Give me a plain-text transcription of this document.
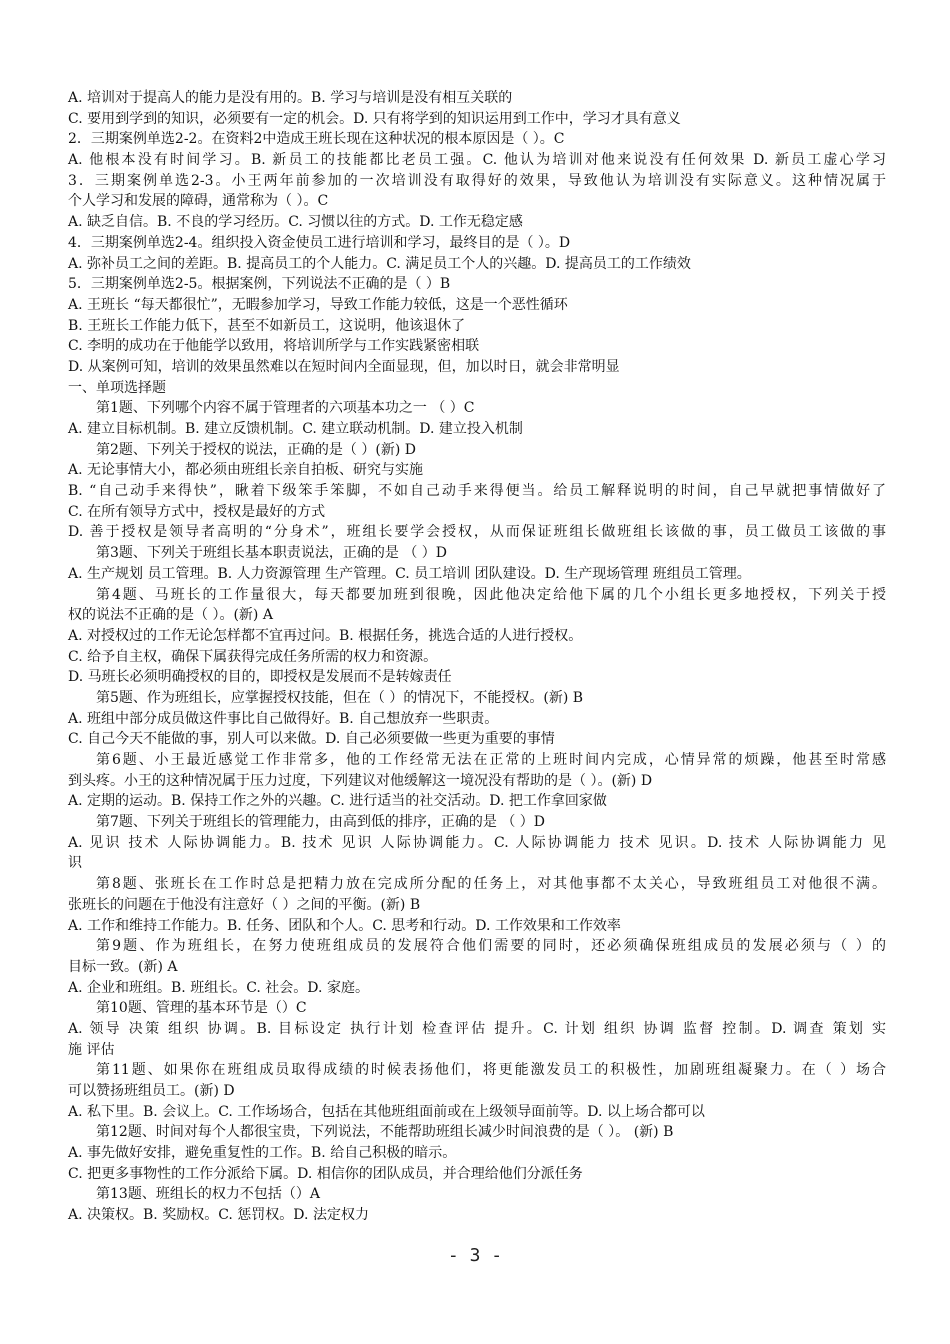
A. 培训对于提高人的能力是没有用的。B. 学习与培训是没有相互关联的
C. 要用到学到的知识，必须要有一定的机会。D. 只有将学到的知识运用到工作中，学习才具有意义
2．三期案例单选2-2。在资料2中造成王班长现在这种状况的根本原因是（ ）。C
A. 他根本没有时间学习。B. 新员工的技能都比老员工强。C. 他认为培训对他来说没有任何效果 D. 新员工虚心学习
3．三期案例单选2-3。小王两年前参加的一次培训没有取得好的效果，导致他认为培训没有实际意义。这种情况属于
个人学习和发展的障碍，通常称为（ ）。C
A. 缺乏自信。B. 不良的学习经历。C. 习惯以往的方式。D. 工作无稳定感
4．三期案例单选2-4。组织投入资金使员工进行培训和学习，最终目的是（ ）。D
A. 弥补员工之间的差距。B. 提高员工的个人能力。C. 满足员工个人的兴趣。D. 提高员工的工作绩效
5．三期案例单选2-5。根据案例，下列说法不正确的是（ ）B
A. 王班长 “每天都很忙”，无暇参加学习，导致工作能力较低，这是一个恶性循环
B. 王班长工作能力低下，甚至不如新员工，这说明，他该退休了
C. 李明的成功在于他能学以致用，将培训所学与工作实践紧密相联
D. 从案例可知，培训的效果虽然难以在短时间内全面显现，但，加以时日，就会非常明显
一、单项选择题
第1题、下列哪个内容不属于管理者的六项基本功之一 （ ）C
A. 建立目标机制。B. 建立反馈机制。C. 建立联动机制。D. 建立投入机制
第2题、下列关于授权的说法，正确的是（ ）(新) D
A. 无论事情大小，都必须由班组长亲自拍板、研究与实施
B. “自己动手来得快”，瞅着下级笨手笨脚，不如自己动手来得便当。给员工解释说明的时间，自己早就把事情做好了
C. 在所有领导方式中，授权是最好的方式
D. 善于授权是领导者高明的“分身术”，班组长要学会授权，从而保证班组长做班组长该做的事，员工做员工该做的事
第3题、下列关于班组长基本职责说法，正确的是 （ ）D
A. 生产规划 员工管理。B. 人力资源管理 生产管理。C. 员工培训 团队建设。D. 生产现场管理 班组员工管理。
第4题、马班长的工作量很大，每天都要加班到很晚，因此他决定给他下属的几个小组长更多地授权，下列关于授
权的说法不正确的是（ ）。(新) A
A. 对授权过的工作无论怎样都不宜再过问。B. 根据任务，挑选合适的人进行授权。
C. 给予自主权，确保下属获得完成任务所需的权力和资源。
D. 马班长必须明确授权的目的，即授权是发展而不是转嫁责任
第5题、作为班组长，应掌握授权技能，但在（ ）的情况下，不能授权。(新) B
A. 班组中部分成员做这件事比自己做得好。B. 自己想放弃一些职责。
C. 自己今天不能做的事，别人可以来做。D. 自己必须要做一些更为重要的事情
第6题、小王最近感觉工作非常多，他的工作经常无法在正常的上班时间内完成，心情异常的烦躁，他甚至时常感
到头疼。小王的这种情况属于压力过度，下列建议对他缓解这一境况没有帮助的是（ ）。(新) D
A. 定期的运动。B. 保持工作之外的兴趣。C. 进行适当的社交活动。D. 把工作拿回家做
第7题、下列关于班组长的管理能力，由高到低的排序，正确的是 （ ）D
A. 见识 技术 人际协调能力。B. 技术 见识 人际协调能力。C. 人际协调能力 技术 见识。D. 技术 人际协调能力 见
识
第8题、张班长在工作时总是把精力放在完成所分配的任务上，对其他事都不太关心，导致班组员工对他很不满。
张班长的问题在于他没有注意好（ ）之间的平衡。(新) B
A. 工作和维持工作能力。B. 任务、团队和个人。C. 思考和行动。D. 工作效果和工作效率
第9题、作为班组长，在努力使班组成员的发展符合他们需要的同时，还必须确保班组成员的发展必须与（ ）的
目标一致。(新) A
A. 企业和班组。B. 班组长。C. 社会。D. 家庭。
第10题、管理的基本环节是（）C
A. 领导 决策 组织 协调。B. 目标设定 执行计划 检查评估 提升。C. 计划 组织 协调 监督 控制。D. 调查 策划 实
施 评估
第11题、如果你在班组成员取得成绩的时候表扬他们，将更能激发员工的积极性，加剧班组凝聚力。在（ ）场合
可以赞扬班组员工。(新) D
A. 私下里。B. 会议上。C. 工作场场合，包括在其他班组面前或在上级领导面前等。D. 以上场合都可以
第12题、时间对每个人都很宝贵，下列说法，不能帮助班组长减少时间浪费的是（ ）。 (新) B
A. 事先做好安排，避免重复性的工作。B. 给自己积极的暗示。
C. 把更多事物性的工作分派给下属。D. 相信你的团队成员，并合理给他们分派任务
第13题、班组长的权力不包括（）A
A. 决策权。B. 奖励权。C. 惩罚权。D. 法定权力
- 3 -
